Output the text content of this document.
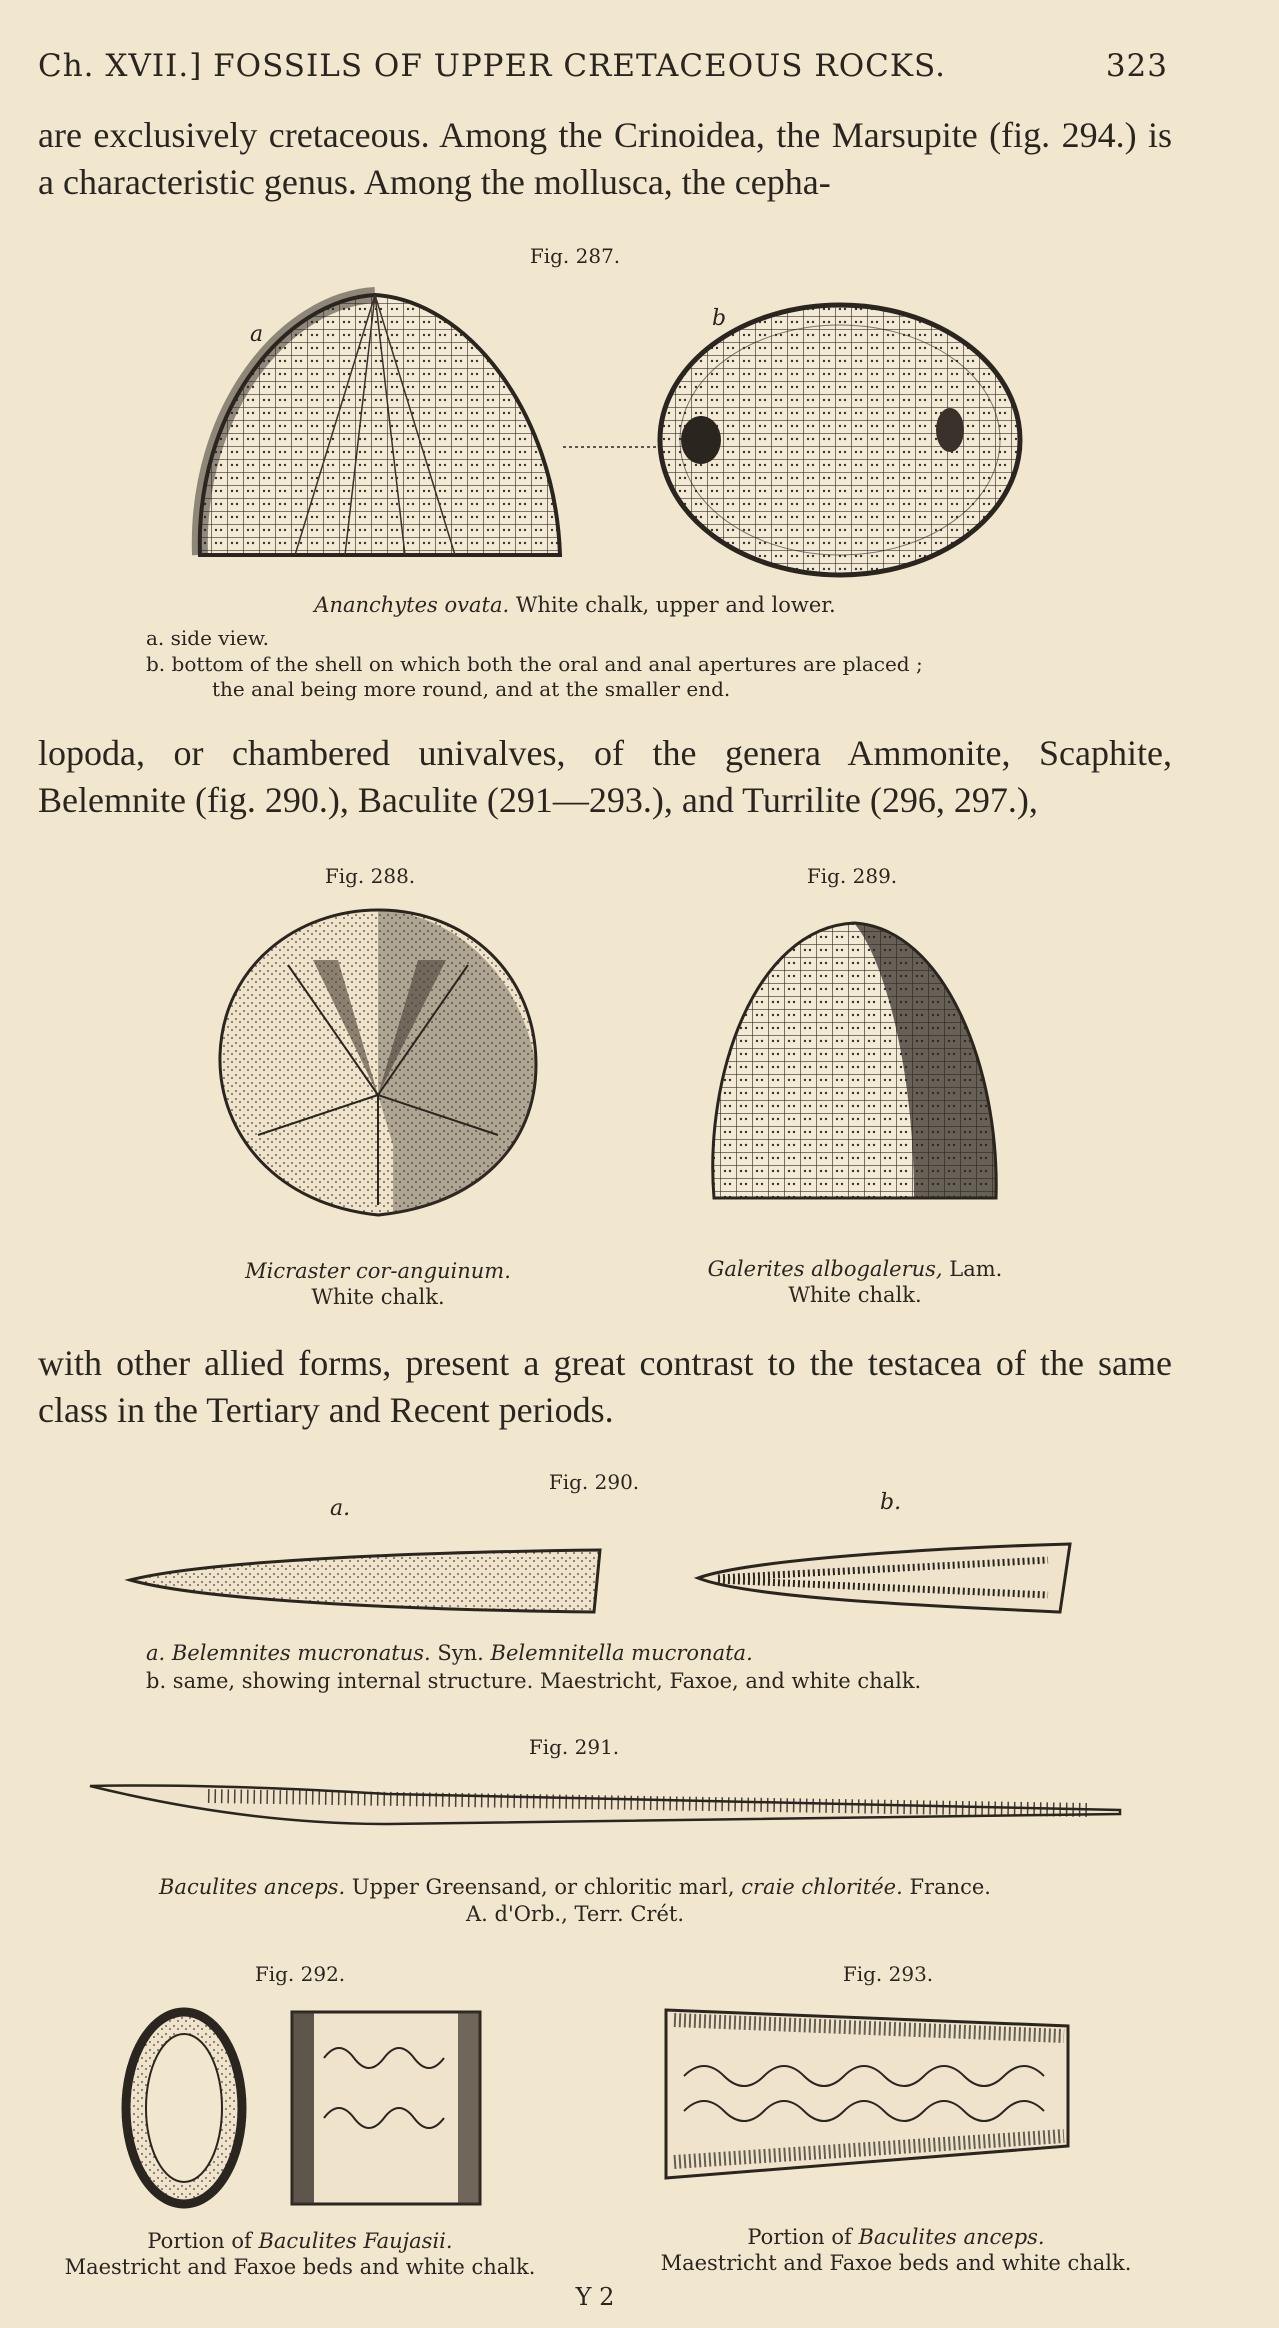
Ch. XVII.] FOSSILS OF UPPER CRETACEOUS ROCKS.	323
are exclusively cretaceous. Among the Crinoidea, the Marsupite (fig. 294.) is a characteristic genus. Among the mollusca, the cepha-
Fig. 287.
a
b
Ananchytes ovata. White chalk, upper and lower.
a. side view.
b. bottom of the shell on which both the oral and anal apertures are placed ;
the anal being more round, and at the smaller end.
lopoda, or chambered univalves, of the genera Ammonite, Scaphite, Belemnite (fig. 290.), Baculite (291—293.), and Turrilite (296, 297.),
Fig. 288.	Fig. 289.
Micraster cor-anguinum.
White chalk.
Galerites albogalerus, Lam.
White chalk.
with other allied forms, present a great contrast to the testacea of the same class in the Tertiary and Recent periods.
Fig. 290.
a.	b.
a. Belemnites mucronatus. Syn. Belemnitella mucronata.
b. same, showing internal structure. Maestricht, Faxoe, and white chalk.
Fig. 291.
Baculites anceps. Upper Greensand, or chloritic marl, craie chloritée. France.
A. d'Orb., Terr. Crét.
Fig. 292.	Fig. 293.
Portion of Baculites Faujasii.
Maestricht and Faxoe beds and white chalk.
Portion of Baculites anceps.
Maestricht and Faxoe beds and white chalk.
Y 2
